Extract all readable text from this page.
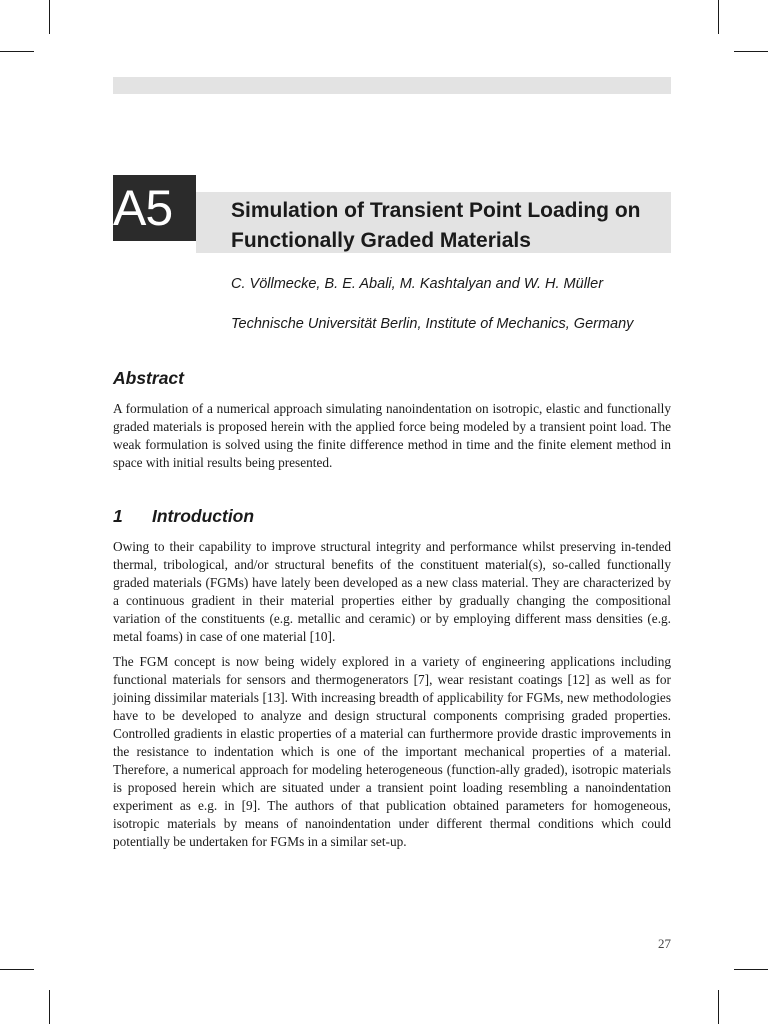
A5	Simulation of Transient Point Loading on Functionally Graded Materials

C. Völlmecke, B. E. Abali, M. Kashtalyan and W. H. Müller

Technische Universität Berlin, Institute of Mechanics, Germany

Abstract

A formulation of a numerical approach simulating nanoindentation on isotropic, elastic and functionally graded materials is proposed herein with the applied force being modeled by a transient point load. The weak formulation is solved using the finite difference method in time and the finite element method in space with initial results being presented.

1 Introduction

Owing to their capability to improve structural integrity and performance whilst preserving in-tended thermal, tribological, and/or structural benefits of the constituent material(s), so-called functionally graded materials (FGMs) have lately been developed as a new class material. They are characterized by a continuous gradient in their material properties either by gradually changing the compositional variation of the constituents (e.g. metallic and ceramic) or by employing different mass densities (e.g. metal foams) in case of one material [10].

The FGM concept is now being widely explored in a variety of engineering applications including functional materials for sensors and thermogenerators [7], wear resistant coatings [12] as well as for joining dissimilar materials [13]. With increasing breadth of applicability for FGMs, new methodologies have to be developed to analyze and design structural components comprising graded properties. Controlled gradients in elastic properties of a material can furthermore provide drastic improvements in the resistance to indentation which is one of the important mechanical properties of a material. Therefore, a numerical approach for modeling heterogeneous (function-ally graded), isotropic materials is proposed herein which are situated under a transient point loading resembling a nanoindentation experiment as e.g. in [9]. The authors of that publication obtained parameters for homogeneous, isotropic materials by means of nanoindentation under different thermal conditions which could potentially be undertaken for FGMs in a similar set-up.

27
